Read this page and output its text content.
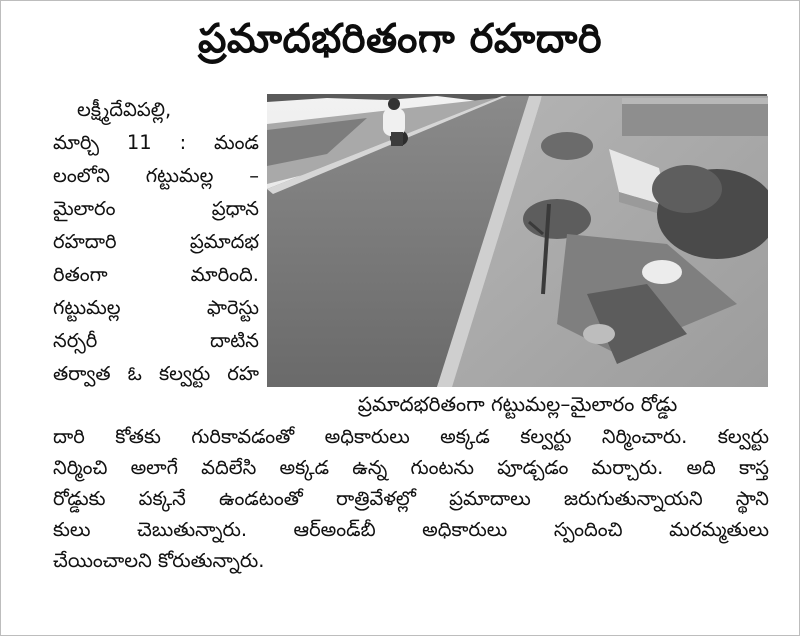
ప్రమాదభరితంగా రహదారి
లక్ష్మీదేవిపల్లి,
మార్చి 11 : మండ
లంలోని గట్టుమల్ల –
మైలారం ప్రధాన
రహదారి ప్రమాదభ
రితంగా మారింది.
గట్టుమల్ల ఫారెస్టు
నర్సరీ దాటిన
తర్వాత ఓ కల్వర్టు రహ
ప్రమాదభరితంగా గట్టుమల్ల–మైలారం రోడ్డు
దారి కోతకు గురికావడంతో అధికారులు అక్కడ కల్వర్టు నిర్మించారు. కల్వర్టు
నిర్మించి అలాగే వదిలేసి అక్కడ ఉన్న గుంటను పూడ్చడం మర్చారు. అది కాస్త
రోడ్డుకు పక్కనే ఉండటంతో రాత్రివేళల్లో ప్రమాదాలు జరుగుతున్నాయని స్థాని
కులు చెబుతున్నారు. ఆర్‌అండ్‌బీ అధికారులు స్పందించి మరమ్మతులు
చేయించాలని కోరుతున్నారు.
